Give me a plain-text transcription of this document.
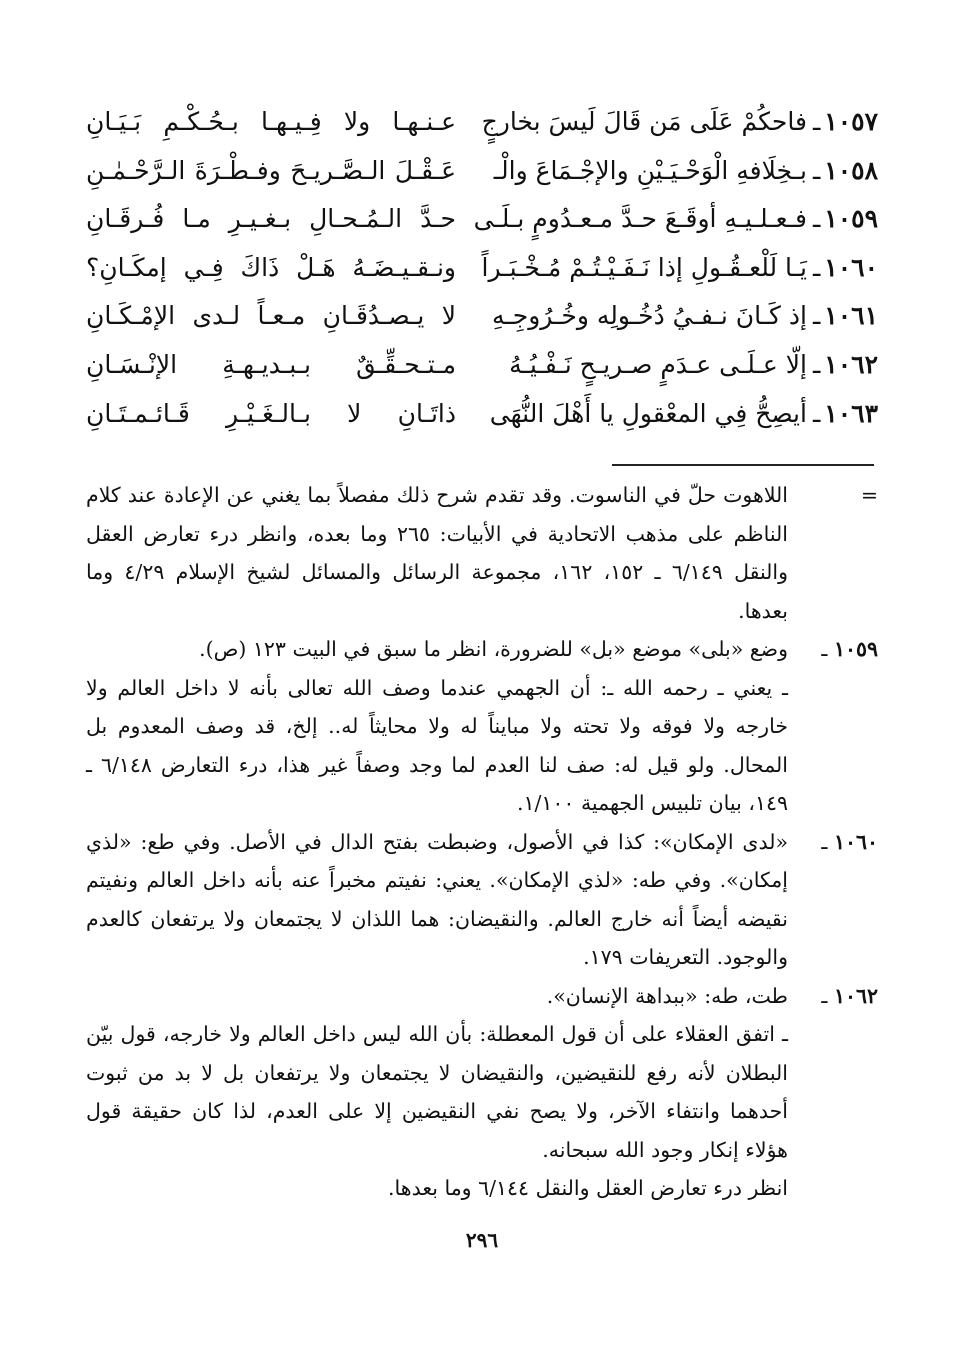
١٠٥٧
ـ
فاحكُمْ عَلَى مَن قَالَ لَيسَ بخارجٍ
عـنـهـا ولا فِـيـهـا بـحُـكْـمِ بَـيَـانِ
١٠٥٨
ـ
بـخِلَافهِ الْوَحْـيَـيْنِ والإجْـمَاعَ والْـ
عَـقْـلَ الـصَّـريـحَ وفـطْـرَةَ الـرَّحْـمٰـنِ
١٠٥٩
ـ
فـعـلـيـهِ أوقَـعَ حـدَّ مـعـدُومٍ بـلَـى
حـدَّ الـمُـحـالِ بـغـيـرِ مـا فُـرقَـانِ
١٠٦٠
ـ
يَـا لَلْعـقُـولِ إذا نَـفَـيْـتُـمْ مُـخْـبَـراً
ونـقـيـضَـهُ هَـلْ ذَاكَ فِـي إمكَـانِ؟
١٠٦١
ـ
إذ كَـانَ نـفـيُ دُخُـولِه وخُـرُوجِـهِ
لا يـصـدُقَـانِ مـعـاً لـدى الإمْـكَـانِ
١٠٦٢
ـ
إلّا عـلَـى عـدَمٍ صـريـحٍ نَـفْـيُـهُ
مـتـحـقِّـقٌ بـبـديـهـةِ الإنْـسَـانِ
١٠٦٣
ـ
أيصِحُّ فِي المعْقولِ يا أَهْلَ النُّهَى
ذاتَـانِ لا بـالـغَـيْـرِ قَـائـمـتَـانِ
=
اللاهوت حلّ في الناسوت. وقد تقدم شرح ذلك مفصلاً بما يغني عن الإعادة عند كلام الناظم على مذهب الاتحادية في الأبيات: ٢٦٥ وما بعده، وانظر درء تعارض العقل والنقل ٦/١٤٩ ـ ١٥٢، ١٦٢، مجموعة الرسائل والمسائل لشيخ الإسلام ٤/٢٩ وما بعدها.
١٠٥٩ ـ
وضع «بلى» موضع «بل» للضرورة، انظر ما سبق في البيت ١٢٣ (ص).
ـ يعني ـ رحمه الله ـ: أن الجهمي عندما وصف الله تعالى بأنه لا داخل العالم ولا خارجه ولا فوقه ولا تحته ولا مبايناً له ولا محايثاً له.. إلخ، قد وصف المعدوم بل المحال. ولو قيل له: صف لنا العدم لما وجد وصفاً غير هذا، درء التعارض ٦/١٤٨ ـ ١٤٩، بيان تلبيس الجهمية ١/١٠٠.
١٠٦٠ ـ
«لدى الإمكان»: كذا في الأصول، وضبطت بفتح الدال في الأصل. وفي طع: «لذي إمكان». وفي طه: «لذي الإمكان». يعني: نفيتم مخبراً عنه بأنه داخل العالم ونفيتم نقيضه أيضاً أنه خارج العالم. والنقيضان: هما اللذان لا يجتمعان ولا يرتفعان كالعدم والوجود. التعريفات ١٧٩.
١٠٦٢ ـ
طت، طه: «ببداهة الإنسان».
ـ اتفق العقلاء على أن قول المعطلة: بأن الله ليس داخل العالم ولا خارجه، قول بيّن البطلان لأنه رفع للنقيضين، والنقيضان لا يجتمعان ولا يرتفعان بل لا بد من ثبوت أحدهما وانتفاء الآخر، ولا يصح نفي النقيضين إلا على العدم، لذا كان حقيقة قول هؤلاء إنكار وجود الله سبحانه.
انظر درء تعارض العقل والنقل ٦/١٤٤ وما بعدها.
٢٩٦
